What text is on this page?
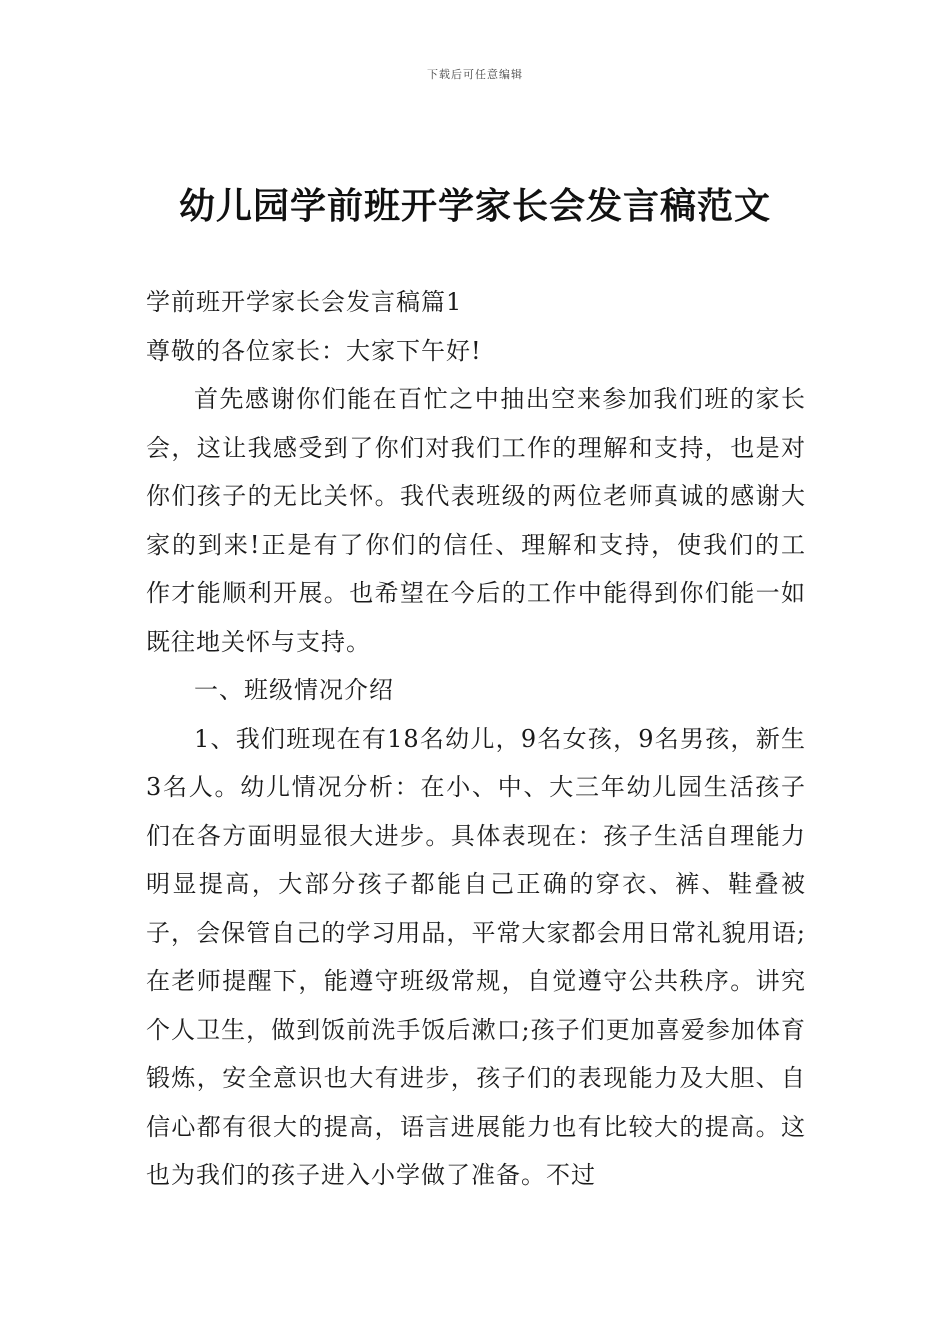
下载后可任意编辑
幼儿园学前班开学家长会发言稿范文

学前班开学家长会发言稿篇1

尊敬的各位家长：大家下午好!

首先感谢你们能在百忙之中抽出空来参加我们班的家长会，这让我感受到了你们对我们工作的理解和支持，也是对你们孩子的无比关怀。我代表班级的两位老师真诚的感谢大家的到来!正是有了你们的信任、理解和支持，使我们的工作才能顺利开展。也希望在今后的工作中能得到你们能一如既往地关怀与支持。

一、班级情况介绍

1、我们班现在有18名幼儿，9名女孩，9名男孩，新生3名人。幼儿情况分析：在小、中、大三年幼儿园生活孩子们在各方面明显很大进步。具体表现在：孩子生活自理能力明显提高，大部分孩子都能自己正确的穿衣、裤、鞋叠被子，会保管自己的学习用品，平常大家都会用日常礼貌用语;在老师提醒下，能遵守班级常规，自觉遵守公共秩序。讲究个人卫生，做到饭前洗手饭后漱口;孩子们更加喜爱参加体育锻炼，安全意识也大有进步，孩子们的表现能力及大胆、自信心都有很大的提高，语言进展能力也有比较大的提高。这也为我们的孩子进入小学做了准备。不过
